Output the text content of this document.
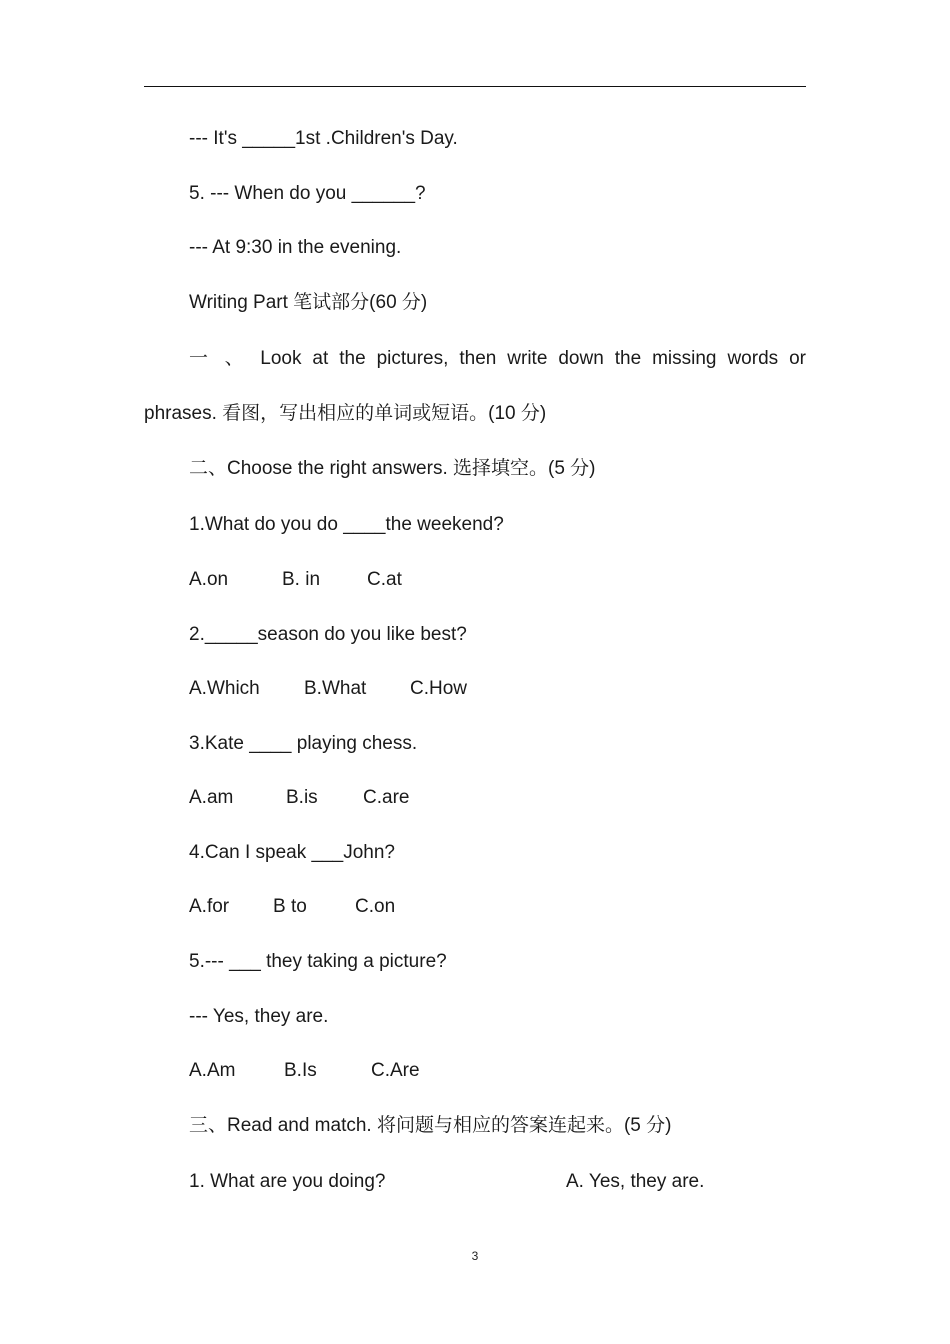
--- It's _____1st .Children's Day.
5. --- When do you ______?
--- At 9:30 in the evening.
Writing Part 笔试部分(60 分)
一 、 Look at the pictures, then write down the missing words or
phrases. 看图，写出相应的单词或短语。(10 分)
二、Choose the right answers. 选择填空。(5 分)
1.What do you do ____the weekend?
A.on	B. in C.at
2._____season do you like best?
A.Which B.What C.How
3.Kate ____ playing chess.
A.am	B.is C.are
4.Can I speak ___John?
A.for B to	C.on
5.--- ___ they taking a picture?
--- Yes, they are.
A.Am	B.Is	C.Are
三、Read and match. 将问题与相应的答案连起来。(5 分)
1. What are you doing?	A. Yes, they are.
3
